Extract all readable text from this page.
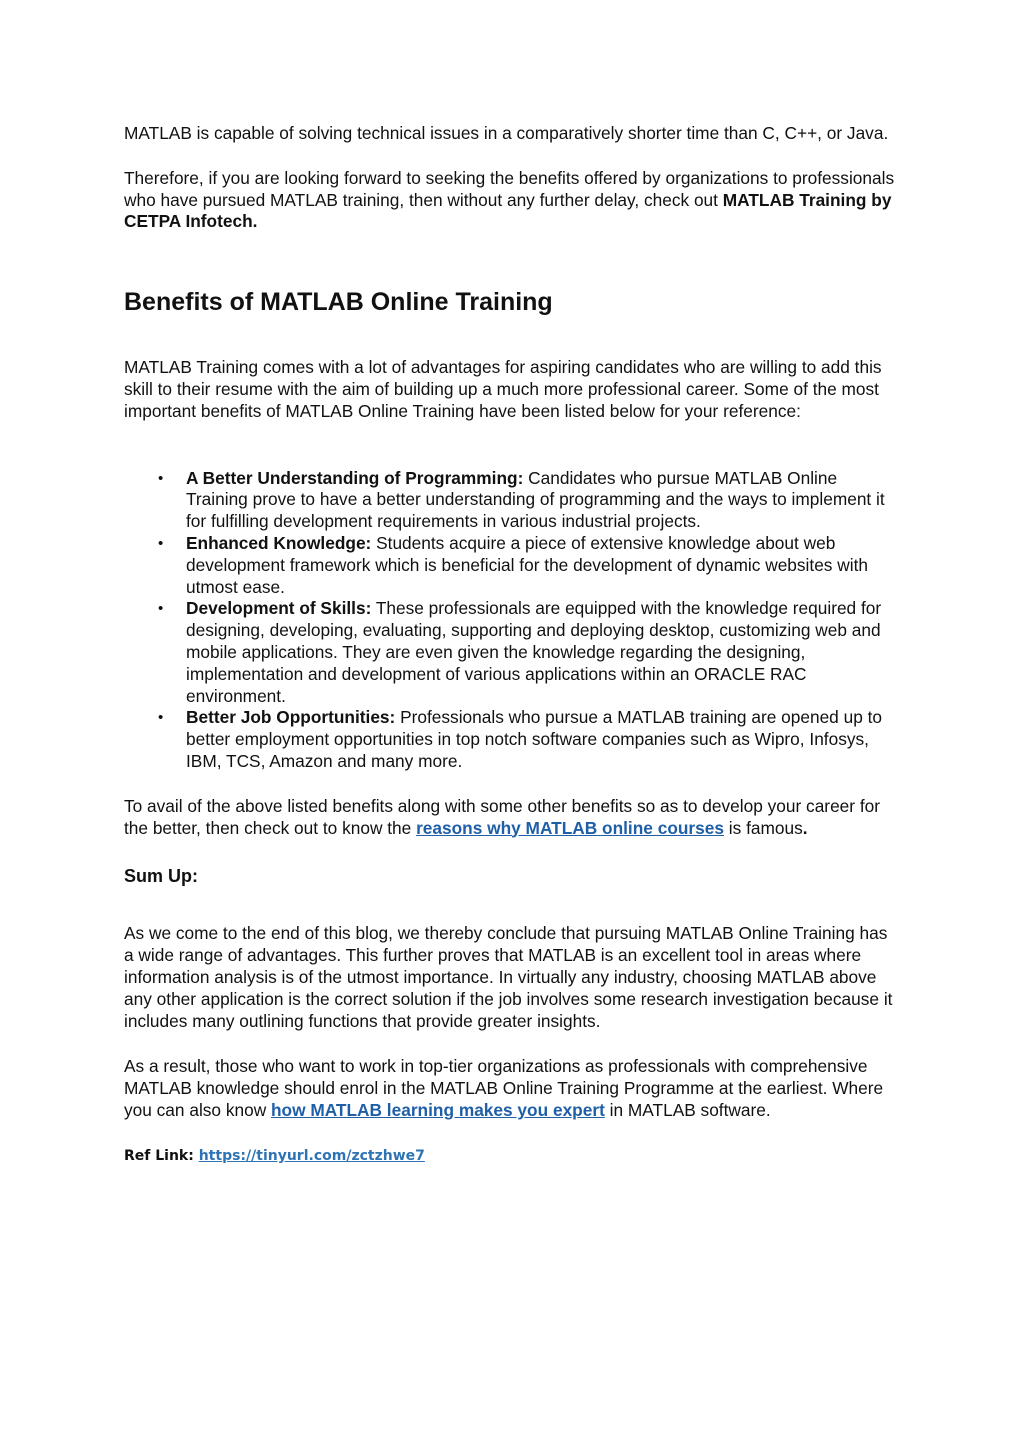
MATLAB is capable of solving technical issues in a comparatively shorter time than C, C++, or Java.

Therefore, if you are looking forward to seeking the benefits offered by organizations to professionals who have pursued MATLAB training, then without any further delay, check out MATLAB Training by CETPA Infotech.

Benefits of MATLAB Online Training

MATLAB Training comes with a lot of advantages for aspiring candidates who are willing to add this skill to their resume with the aim of building up a much more professional career. Some of the most important benefits of MATLAB Online Training have been listed below for your reference:

• A Better Understanding of Programming: Candidates who pursue MATLAB Online Training prove to have a better understanding of programming and the ways to implement it for fulfilling development requirements in various industrial projects.
• Enhanced Knowledge: Students acquire a piece of extensive knowledge about web development framework which is beneficial for the development of dynamic websites with utmost ease.
• Development of Skills: These professionals are equipped with the knowledge required for designing, developing, evaluating, supporting and deploying desktop, customizing web and mobile applications. They are even given the knowledge regarding the designing, implementation and development of various applications within an ORACLE RAC environment.
• Better Job Opportunities: Professionals who pursue a MATLAB training are opened up to better employment opportunities in top notch software companies such as Wipro, Infosys, IBM, TCS, Amazon and many more.

To avail of the above listed benefits along with some other benefits so as to develop your career for the better, then check out to know the reasons why MATLAB online courses is famous.

Sum Up:

As we come to the end of this blog, we thereby conclude that pursuing MATLAB Online Training has a wide range of advantages. This further proves that MATLAB is an excellent tool in areas where information analysis is of the utmost importance. In virtually any industry, choosing MATLAB above any other application is the correct solution if the job involves some research investigation because it includes many outlining functions that provide greater insights.

As a result, those who want to work in top-tier organizations as professionals with comprehensive MATLAB knowledge should enrol in the MATLAB Online Training Programme at the earliest. Where you can also know how MATLAB learning makes you expert in MATLAB software.

Ref Link: https://tinyurl.com/zctzhwe7
